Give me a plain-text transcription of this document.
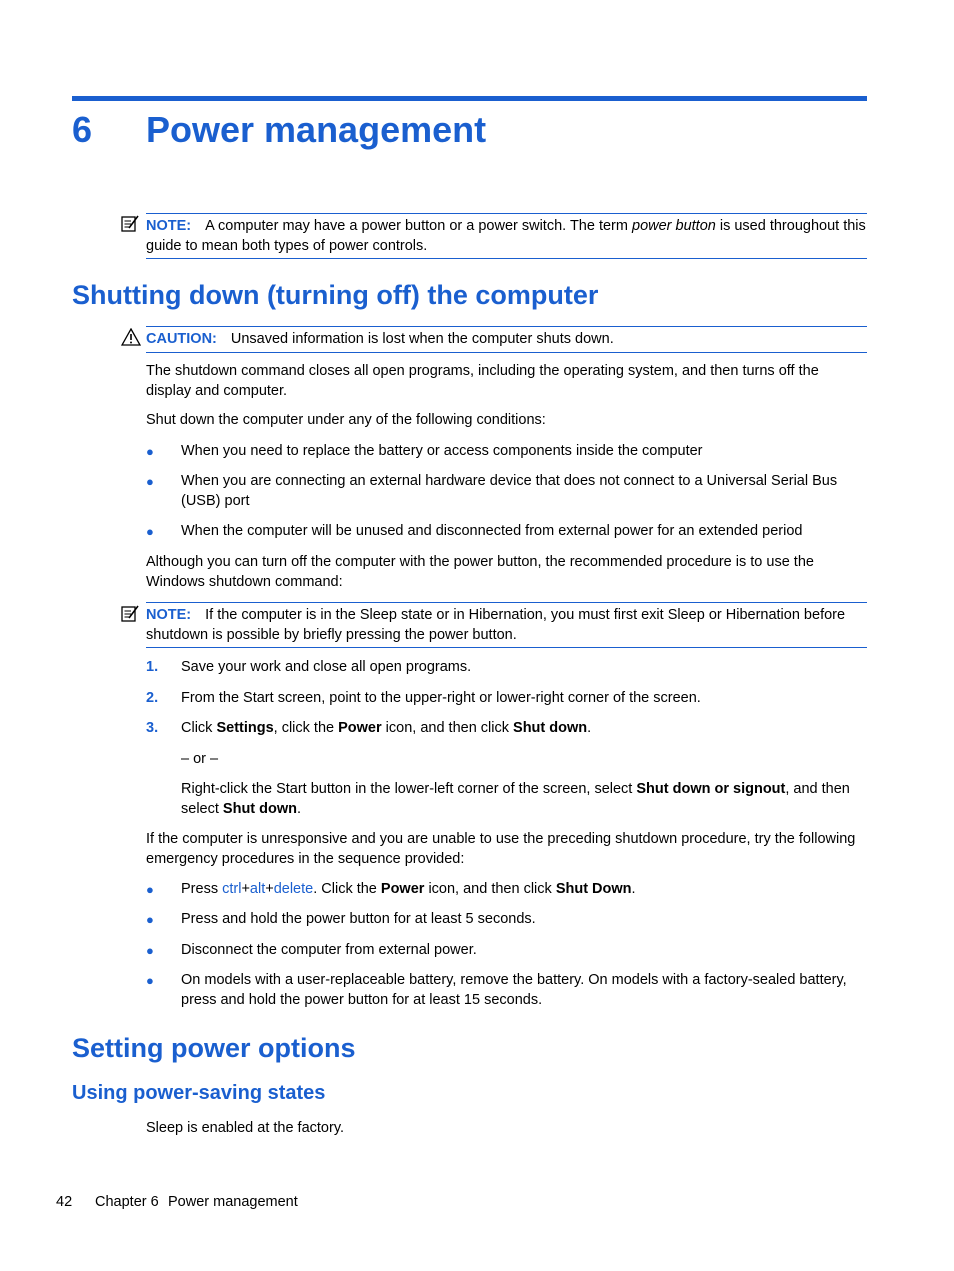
6 Power management
NOTE: A computer may have a power button or a power switch. The term power button is used throughout this guide to mean both types of power controls.
Shutting down (turning off) the computer
CAUTION: Unsaved information is lost when the computer shuts down.
The shutdown command closes all open programs, including the operating system, and then turns off the display and computer.
Shut down the computer under any of the following conditions:
● When you need to replace the battery or access components inside the computer
● When you are connecting an external hardware device that does not connect to a Universal Serial Bus (USB) port
● When the computer will be unused and disconnected from external power for an extended period
Although you can turn off the computer with the power button, the recommended procedure is to use the Windows shutdown command:
NOTE: If the computer is in the Sleep state or in Hibernation, you must first exit Sleep or Hibernation before shutdown is possible by briefly pressing the power button.
1. Save your work and close all open programs.
2. From the Start screen, point to the upper-right or lower-right corner of the screen.
3. Click Settings, click the Power icon, and then click Shut down.
– or –
Right-click the Start button in the lower-left corner of the screen, select Shut down or signout, and then select Shut down.
If the computer is unresponsive and you are unable to use the preceding shutdown procedure, try the following emergency procedures in the sequence provided:
● Press ctrl+alt+delete. Click the Power icon, and then click Shut Down.
● Press and hold the power button for at least 5 seconds.
● Disconnect the computer from external power.
● On models with a user-replaceable battery, remove the battery. On models with a factory-sealed battery, press and hold the power button for at least 15 seconds.
Setting power options
Using power-saving states
Sleep is enabled at the factory.
42 Chapter 6 Power management
